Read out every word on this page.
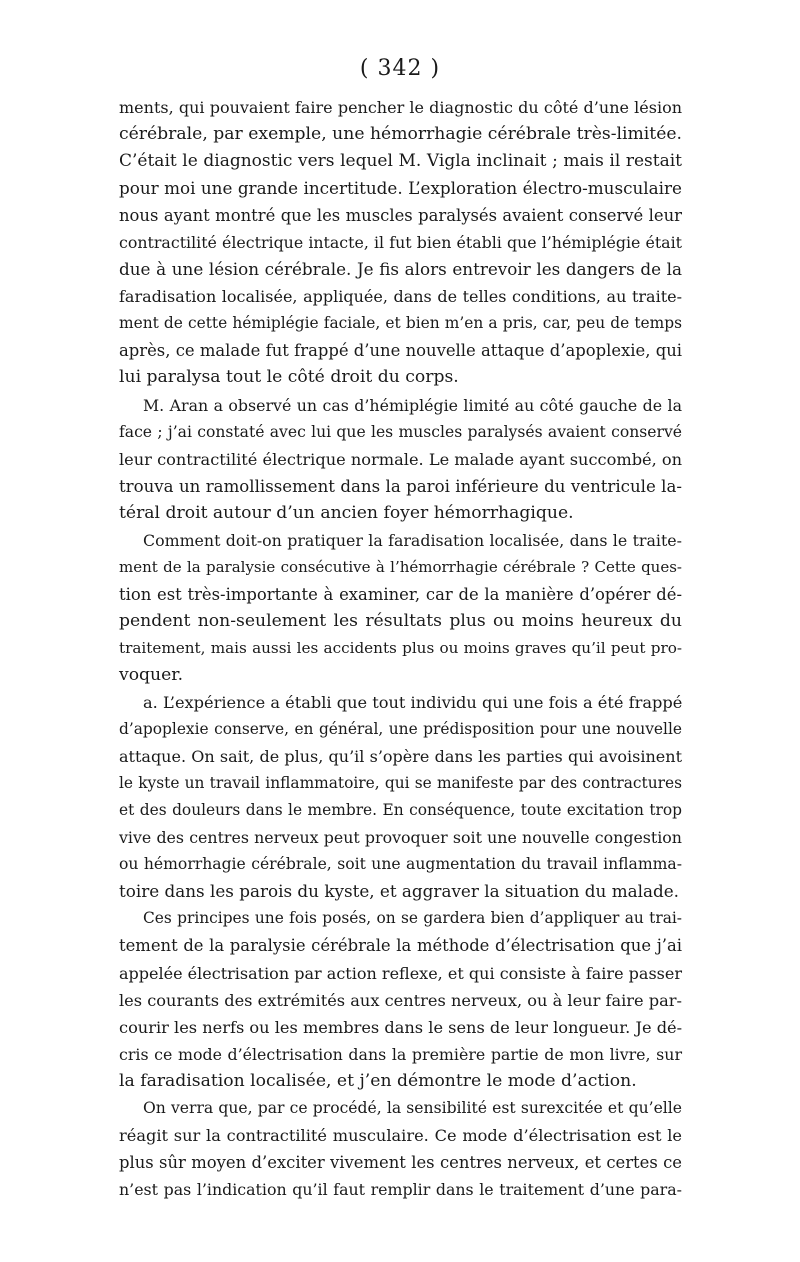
( 342 )
ments, qui pouvaient faire pencher le diagnostic du côté d’une lésion
cérébrale, par exemple, une hémorrhagie cérébrale très-limitée.
C’était le diagnostic vers lequel M. Vigla inclinait ; mais il restait
pour moi une grande incertitude. L’exploration électro-musculaire
nous ayant montré que les muscles paralysés avaient conservé leur
contractilité électrique intacte, il fut bien établi que l’hémiplégie était
due à une lésion cérébrale. Je fis alors entrevoir les dangers de la
faradisation localisée, appliquée, dans de telles conditions, au traite-
ment de cette hémiplégie faciale, et bien m’en a pris, car, peu de temps
après, ce malade fut frappé d’une nouvelle attaque d’apoplexie, qui
lui paralysa tout le côté droit du corps.
M. Aran a observé un cas d’hémiplégie limité au côté gauche de la
face ; j’ai constaté avec lui que les muscles paralysés avaient conservé
leur contractilité électrique normale. Le malade ayant succombé, on
trouva un ramollissement dans la paroi inférieure du ventricule la-
téral droit autour d’un ancien foyer hémorrhagique.
Comment doit-on pratiquer la faradisation localisée, dans le traite-
ment de la paralysie consécutive à l’hémorrhagie cérébrale ? Cette ques-
tion est très-importante à examiner, car de la manière d’opérer dé-
pendent non-seulement les résultats plus ou moins heureux du
traitement, mais aussi les accidents plus ou moins graves qu’il peut pro-
voquer.
a. L’expérience a établi que tout individu qui une fois a été frappé
d’apoplexie conserve, en général, une prédisposition pour une nouvelle
attaque. On sait, de plus, qu’il s’opère dans les parties qui avoisinent
le kyste un travail inflammatoire, qui se manifeste par des contractures
et des douleurs dans le membre. En conséquence, toute excitation trop
vive des centres nerveux peut provoquer soit une nouvelle congestion
ou hémorrhagie cérébrale, soit une augmentation du travail inflamma-
toire dans les parois du kyste, et aggraver la situation du malade.
Ces principes une fois posés, on se gardera bien d’appliquer au trai-
tement de la paralysie cérébrale la méthode d’électrisation que j’ai
appelée électrisation par action reflexe, et qui consiste à faire passer
les courants des extrémités aux centres nerveux, ou à leur faire par-
courir les nerfs ou les membres dans le sens de leur longueur. Je dé-
cris ce mode d’électrisation dans la première partie de mon livre, sur
la faradisation localisée, et j’en démontre le mode d’action.
On verra que, par ce procédé, la sensibilité est surexcitée et qu’elle
réagit sur la contractilité musculaire. Ce mode d’électrisation est le
plus sûr moyen d’exciter vivement les centres nerveux, et certes ce
n’est pas l’indication qu’il faut remplir dans le traitement d’une para-
